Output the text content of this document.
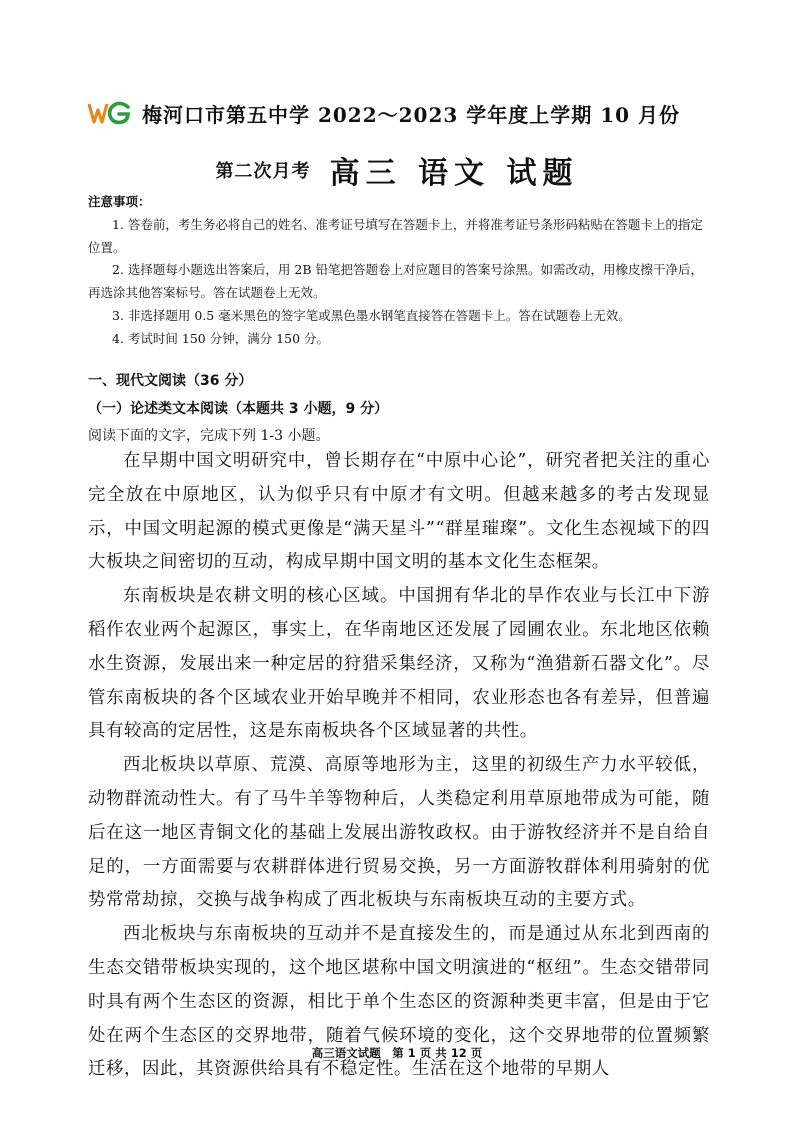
梅河口市第五中学 2022～2023 学年度上学期 10 月份
第二次月考 高三 语文 试题
注意事项：

1. 答卷前，考生务必将自己的姓名、准考证号填写在答题卡上，并将准考证号条形码粘贴在答题卡上的指定位置。

2. 选择题每小题选出答案后，用 2B 铅笔把答题卷上对应题目的答案号涂黑。如需改动，用橡皮擦干净后，再选涂其他答案标号。答在试题卷上无效。

3. 非选择题用 0.5 毫米黑色的签字笔或黑色墨水钢笔直接答在答题卡上。答在试题卷上无效。

4. 考试时间 150 分钟，满分 150 分。

一、现代文阅读（36 分）
（一）论述类文本阅读（本题共 3 小题，9 分）
阅读下面的文字，完成下列 1-3 小题。

在早期中国文明研究中，曾长期存在“中原中心论”，研究者把关注的重心完全放在中原地区，认为似乎只有中原才有文明。但越来越多的考古发现显示，中国文明起源的模式更像是“满天星斗”“群星璀璨”。文化生态视域下的四大板块之间密切的互动，构成早期中国文明的基本文化生态框架。

东南板块是农耕文明的核心区域。中国拥有华北的旱作农业与长江中下游稻作农业两个起源区，事实上，在华南地区还发展了园圃农业。东北地区依赖水生资源，发展出来一种定居的狩猎采集经济，又称为“渔猎新石器文化”。尽管东南板块的各个区域农业开始早晚并不相同，农业形态也各有差异，但普遍具有较高的定居性，这是东南板块各个区域显著的共性。

西北板块以草原、荒漠、高原等地形为主，这里的初级生产力水平较低，动物群流动性大。有了马牛羊等物种后，人类稳定利用草原地带成为可能，随后在这一地区青铜文化的基础上发展出游牧政权。由于游牧经济并不是自给自足的，一方面需要与农耕群体进行贸易交换，另一方面游牧群体利用骑射的优势常常劫掠，交换与战争构成了西北板块与东南板块互动的主要方式。

西北板块与东南板块的互动并不是直接发生的，而是通过从东北到西南的生态交错带板块实现的，这个地区堪称中国文明演进的“枢纽”。生态交错带同时具有两个生态区的资源，相比于单个生态区的资源种类更丰富，但是由于它处在两个生态区的交界地带，随着气候环境的变化，这个交界地带的位置频繁迁移，因此，其资源供给具有不稳定性。生活在这个地带的早期人

高三语文试题　第 1 页 共 12 页
